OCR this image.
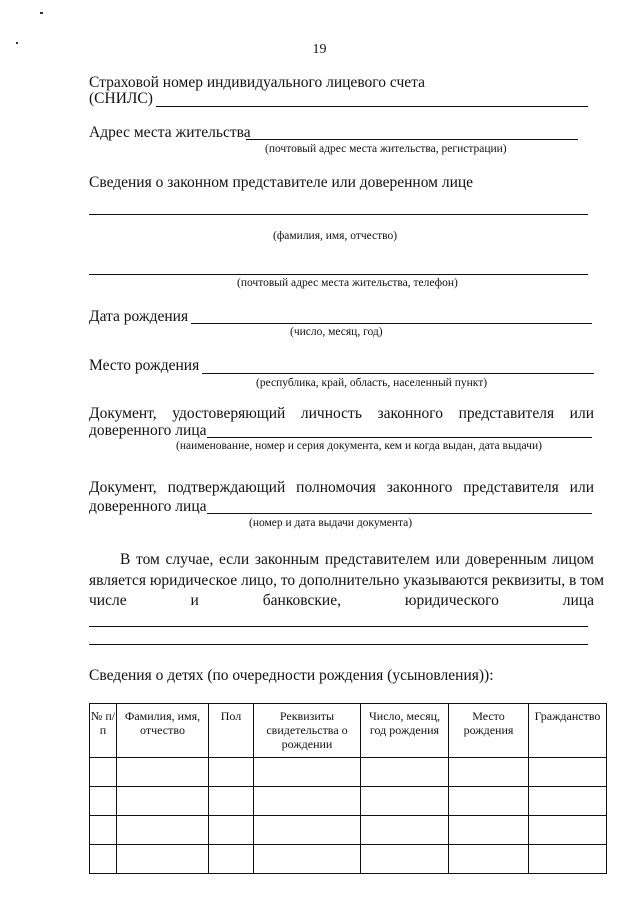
19
Страховой номер индивидуального лицевого счета
(СНИЛС)
Адрес места жительства
(почтовый адрес места жительства, регистрации)
Сведения о законном представителе или доверенном лице
(фамилия, имя, отчество)
(почтовый адрес места жительства, телефон)
Дата рождения
(число, месяц, год)
Место рождения
(республика, край, область, населенный пункт)
Документ, удостоверяющий личность законного представителя или
доверенного лица
(наименование, номер и серия документа, кем и когда выдан, дата выдачи)
Документ, подтверждающий полномочия законного представителя или
доверенного лица
(номер и дата выдачи документа)
В том случае, если законным представителем или доверенным лицом
является юридическое лицо, то дополнительно указываются реквизиты, в том
числе и банковские, юридического лица
Сведения о детях (по очередности рождения (усыновления)):
№ п/п	Фамилия, имя, отчество	Пол	Реквизиты свидетельства о рождении	Число, месяц, год рождения	Место рождения	Гражданство
